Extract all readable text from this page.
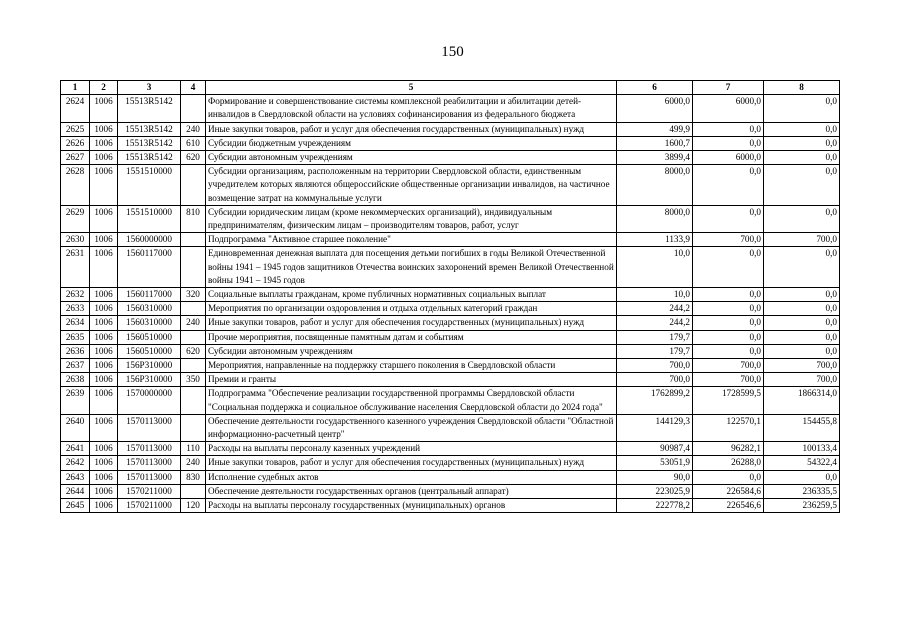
150
1	2	3	4	5	6	7	8
2624	1006	15513R5142		Формирование и совершенствование системы комплексной реабилитации и абилитации детей-инвалидов в Свердловской области на условиях софинансирования из федерального бюджета	6000,0	6000,0	0,0
2625	1006	15513R5142	240	Иные закупки товаров, работ и услуг для обеспечения государственных (муниципальных) нужд	499,9	0,0	0,0
2626	1006	15513R5142	610	Субсидии бюджетным учреждениям	1600,7	0,0	0,0
2627	1006	15513R5142	620	Субсидии автономным учреждениям	3899,4	6000,0	0,0
2628	1006	1551510000		Субсидии организациям, расположенным на территории Свердловской области, единственным учредителем которых являются общероссийские общественные организации инвалидов, на частичное возмещение затрат на коммунальные услуги	8000,0	0,0	0,0
2629	1006	1551510000	810	Субсидии юридическим лицам (кроме некоммерческих организаций), индивидуальным предпринимателям, физическим лицам – производителям товаров, работ, услуг	8000,0	0,0	0,0
2630	1006	1560000000		Подпрограмма "Активное старшее поколение"	1133,9	700,0	700,0
2631	1006	1560117000		Единовременная денежная выплата для посещения детьми погибших в годы Великой Отечественной войны 1941 – 1945 годов защитников Отечества воинских захоронений времен Великой Отечественной войны 1941 – 1945 годов	10,0	0,0	0,0
2632	1006	1560117000	320	Социальные выплаты гражданам, кроме публичных нормативных социальных выплат	10,0	0,0	0,0
2633	1006	1560310000		Мероприятия по организации оздоровления и отдыха отдельных категорий граждан	244,2	0,0	0,0
2634	1006	1560310000	240	Иные закупки товаров, работ и услуг для обеспечения государственных (муниципальных) нужд	244,2	0,0	0,0
2635	1006	1560510000		Прочие мероприятия, посвященные памятным датам и событиям	179,7	0,0	0,0
2636	1006	1560510000	620	Субсидии автономным учреждениям	179,7	0,0	0,0
2637	1006	156P310000		Мероприятия, направленные на поддержку старшего поколения в Свердловской области	700,0	700,0	700,0
2638	1006	156P310000	350	Премии и гранты	700,0	700,0	700,0
2639	1006	1570000000		Подпрограмма "Обеспечение реализации государственной программы Свердловской области "Социальная поддержка и социальное обслуживание населения Свердловской области до 2024 года"	1762899,2	1728599,5	1866314,0
2640	1006	1570113000		Обеспечение деятельности государственного казенного учреждения Свердловской области "Областной информационно-расчетный центр"	144129,3	122570,1	154455,8
2641	1006	1570113000	110	Расходы на выплаты персоналу казенных учреждений	90987,4	96282,1	100133,4
2642	1006	1570113000	240	Иные закупки товаров, работ и услуг для обеспечения государственных (муниципальных) нужд	53051,9	26288,0	54322,4
2643	1006	1570113000	830	Исполнение судебных актов	90,0	0,0	0,0
2644	1006	1570211000		Обеспечение деятельности государственных органов (центральный аппарат)	223025,9	226584,6	236335,5
2645	1006	1570211000	120	Расходы на выплаты персоналу государственных (муниципальных) органов	222778,2	226546,6	236259,5
